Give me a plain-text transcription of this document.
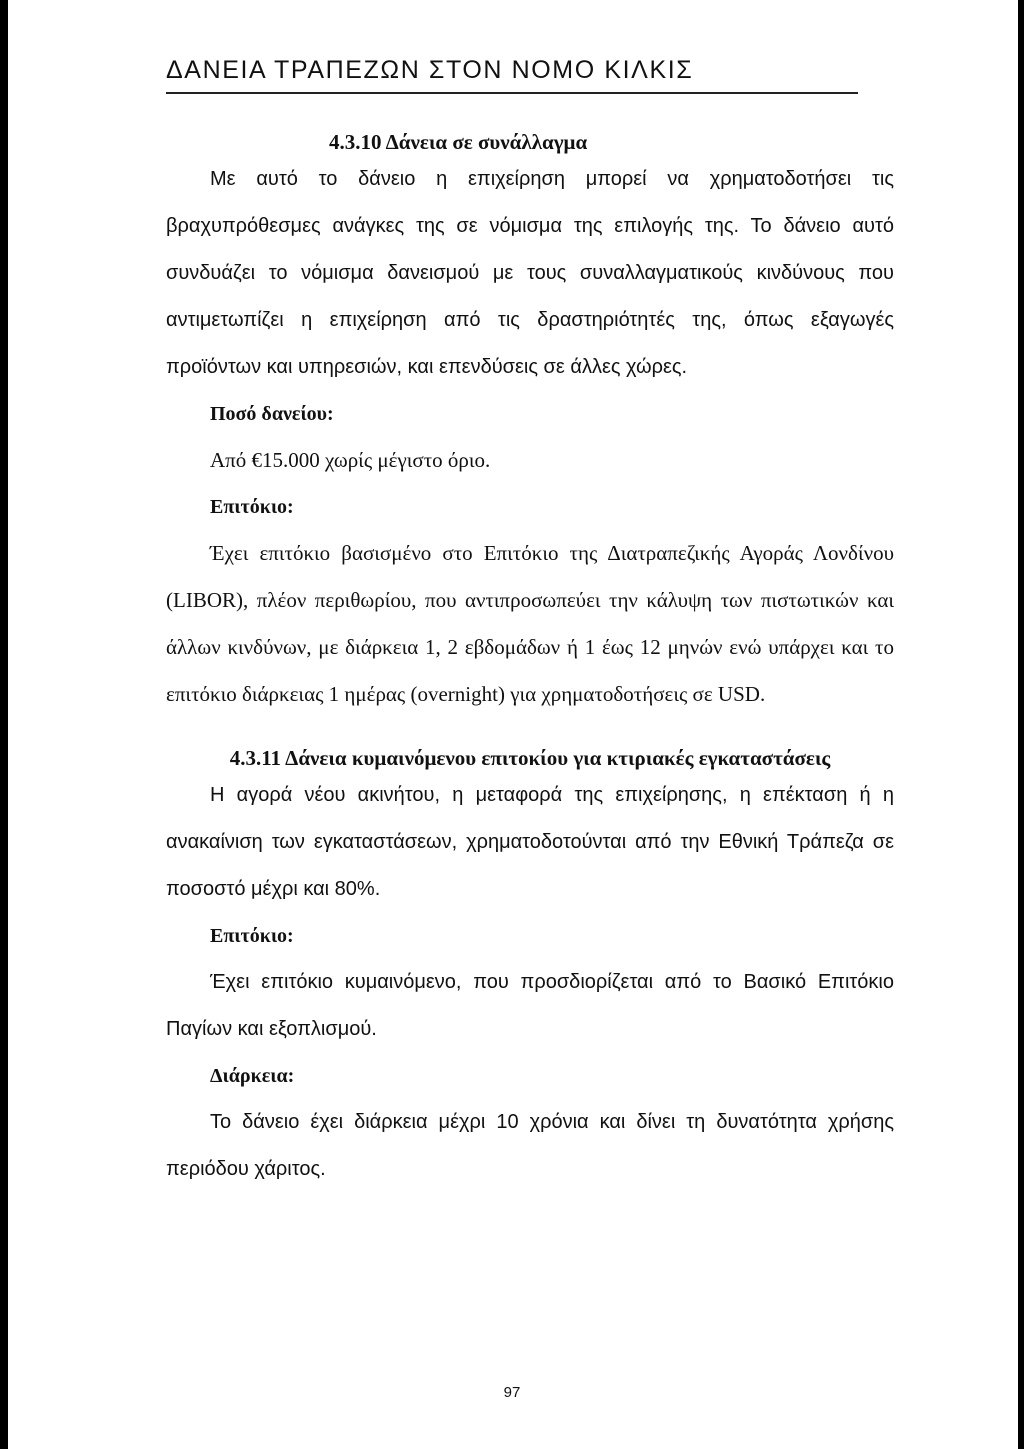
ΔΑΝΕΙΑ ΤΡΑΠΕΖΩΝ ΣΤΟΝ ΝΟΜΟ ΚΙΛΚΙΣ
4.3.10 Δάνεια σε συνάλλαγμα

Με αυτό το δάνειο η επιχείρηση μπορεί να χρηματοδοτήσει τις βραχυπρόθεσμες ανάγκες της σε νόμισμα της επιλογής της. Το δάνειο αυτό συνδυάζει το νόμισμα δανεισμού με τους συναλλαγματικούς κινδύνους που αντιμετωπίζει η επιχείρηση από τις δραστηριότητές της, όπως εξαγωγές προϊόντων και υπηρεσιών, και επενδύσεις σε άλλες χώρες.

Ποσό δανείου:

Από €15.000 χωρίς μέγιστο όριο.

Επιτόκιο:

Έχει επιτόκιο βασισμένο στο Επιτόκιο της Διατραπεζικής Αγοράς Λονδίνου (LIBOR), πλέον περιθωρίου, που αντιπροσωπεύει την κάλυψη των πιστωτικών και άλλων κινδύνων, με διάρκεια 1, 2 εβδομάδων ή 1 έως 12 μηνών ενώ υπάρχει και το επιτόκιο διάρκειας 1 ημέρας (overnight) για χρηματοδοτήσεις σε USD.

4.3.11 Δάνεια κυμαινόμενου επιτοκίου για κτιριακές εγκαταστάσεις

Η αγορά νέου ακινήτου, η μεταφορά της επιχείρησης, η επέκταση ή η ανακαίνιση των εγκαταστάσεων, χρηματοδοτούνται από την Εθνική Τράπεζα σε ποσοστό μέχρι και 80%.

Επιτόκιο:

Έχει επιτόκιο κυμαινόμενο, που προσδιορίζεται από το Βασικό Επιτόκιο Παγίων και εξοπλισμού.

Διάρκεια:

Το δάνειο έχει διάρκεια μέχρι 10 χρόνια και δίνει τη δυνατότητα χρήσης περιόδου χάριτος.

97
